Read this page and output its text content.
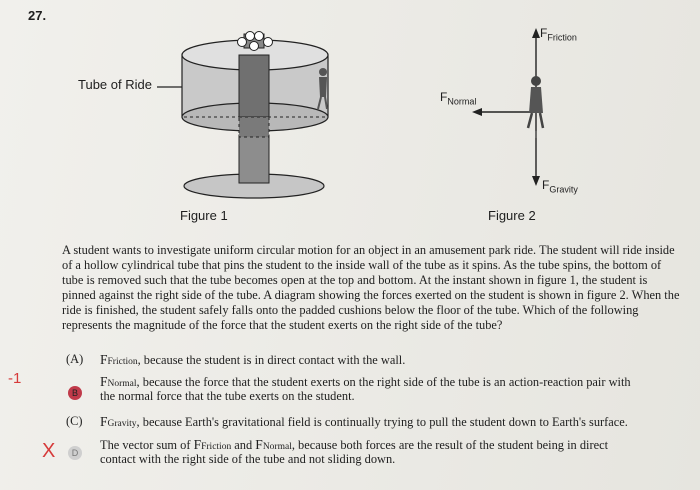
27.
Tube of Ride
$F_{Friction}$
$F_{Normal}$
$F_{Gravity}$
Figure 1	Figure 2
A student wants to investigate uniform circular motion for an object in an amusement park ride. The student will ride inside of a hollow cylindrical tube that pins the student to the inside wall of the tube as it spins. As the tube spins, the bottom of tube is removed such that the tube becomes open at the top and bottom. At the instant shown in figure 1, the student is pinned against the right side of the tube. A diagram showing the forces exerted on the student is shown in figure 2. When the ride is finished, the student safely falls onto the padded cushions below the floor of the tube. Which of the following represents the magnitude of the force that the student exerts on the right side of the tube?
(A) FFriction, because the student is in direct contact with the wall.
B
FNormal, because the force that the student exerts on the right side of the tube is an action-reaction pair with
the normal force that the tube exerts on the student.
(C) FGravity, because Earth's gravitational field is continually trying to pull the student down to Earth's surface.
D
The vector sum of FFriction and FNormal, because both forces are the result of the student being in direct
contact with the right side of the tube and not sliding down.
-1
X
